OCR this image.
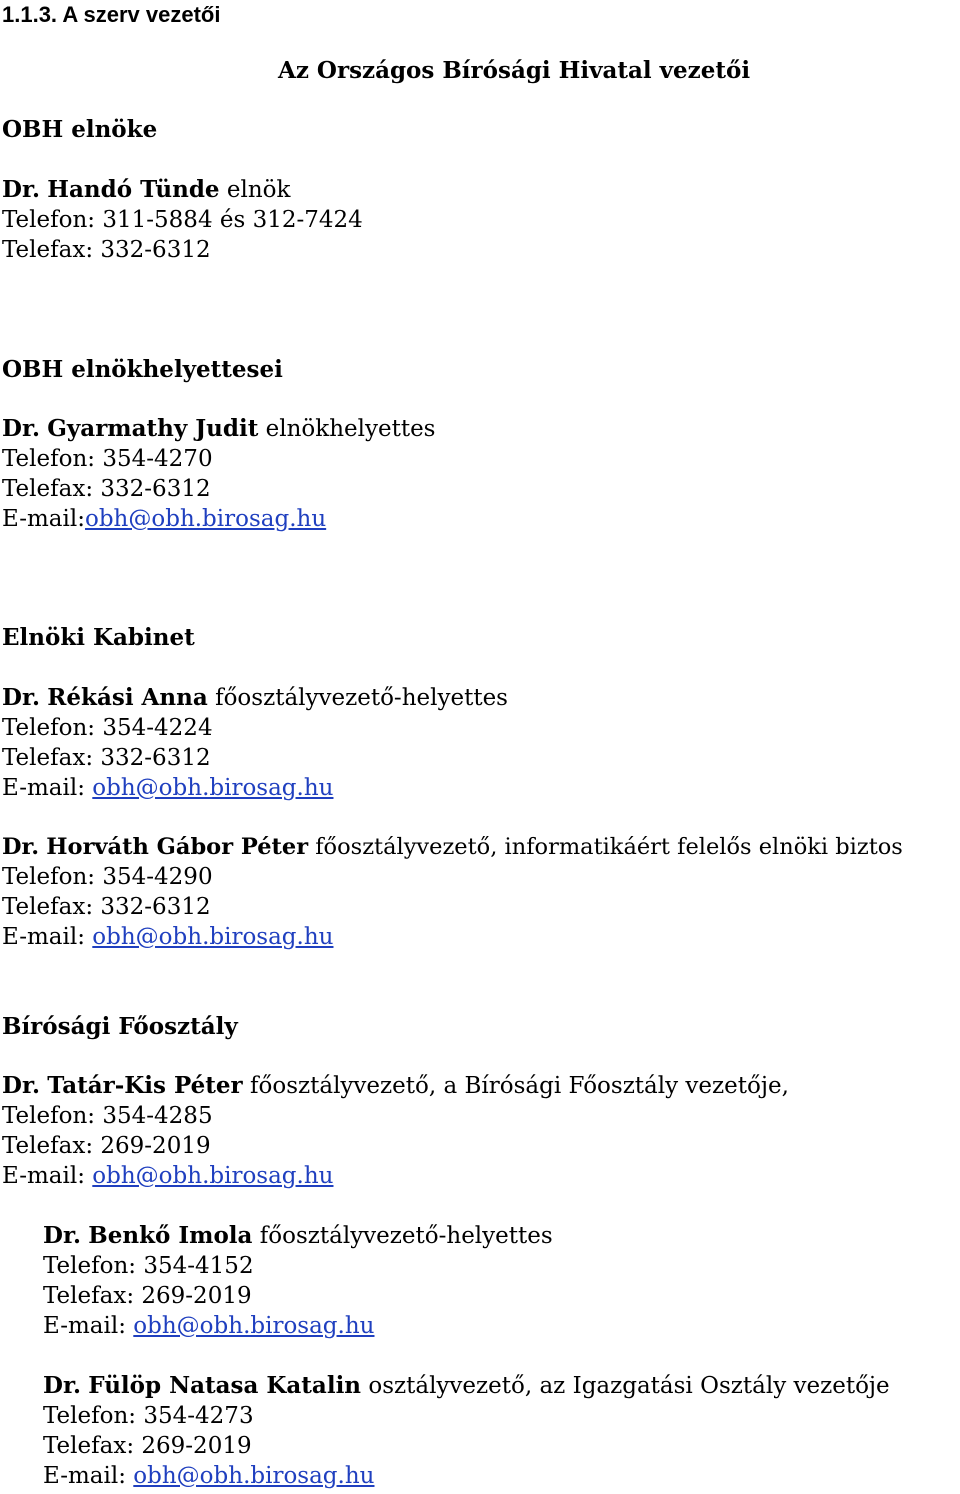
1.1.3. A szerv vezetői
Az Országos Bírósági Hivatal vezetői
OBH elnöke
Dr. Handó Tünde elnök
Telefon: 311-5884 és 312-7424
Telefax: 332-6312
OBH elnökhelyettesei
Dr. Gyarmathy Judit elnökhelyettes
Telefon: 354-4270
Telefax: 332-6312
E-mail:obh@obh.birosag.hu
Elnöki Kabinet
Dr. Rékási Anna főosztályvezető-helyettes
Telefon: 354-4224
Telefax: 332-6312
E-mail: obh@obh.birosag.hu
Dr. Horváth Gábor Péter főosztályvezető, informatikáért felelős elnöki biztos
Telefon: 354-4290
Telefax: 332-6312
E-mail: obh@obh.birosag.hu
Bírósági Főosztály
Dr. Tatár-Kis Péter főosztályvezető, a Bírósági Főosztály vezetője,
Telefon: 354-4285
Telefax: 269-2019
E-mail: obh@obh.birosag.hu
Dr. Benkő Imola főosztályvezető-helyettes
Telefon: 354-4152
Telefax: 269-2019
E-mail: obh@obh.birosag.hu
Dr. Fülöp Natasa Katalin osztályvezető, az Igazgatási Osztály vezetője
Telefon: 354-4273
Telefax: 269-2019
E-mail: obh@obh.birosag.hu
